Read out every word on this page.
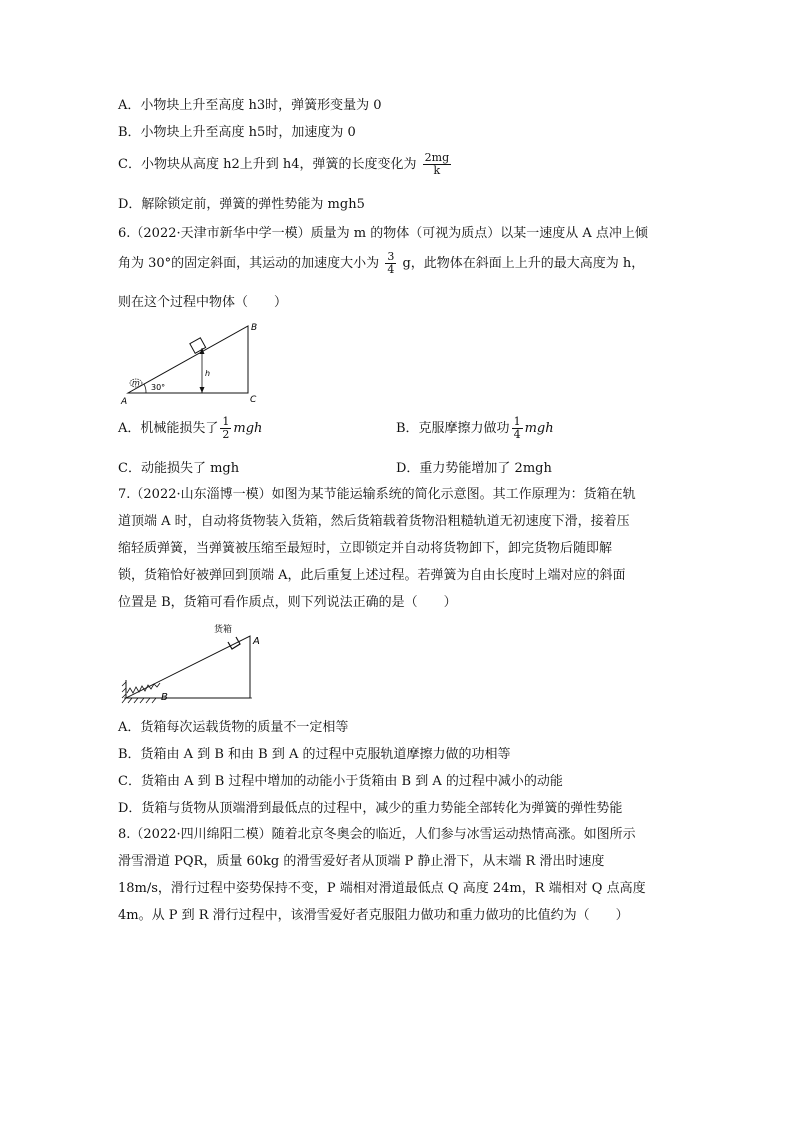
A．小物块上升至高度 h3时，弹簧形变量为 0
B．小物块上升至高度 h5时，加速度为 0
C．小物块从高度 h2上升到 h4，弹簧的长度变化为 $\frac{2mg}{k}$
D．解除锁定前，弹簧的弹性势能为 mgh5
6.（2022·天津市新华中学一模）质量为 m 的物体（可视为质点）以某一速度从 A 点冲上倾
角为 30°的固定斜面，其运动的加速度大小为 $\frac{3}{4}$ g，此物体在斜面上上升的最大高度为 h，
则在这个过程中物体（　　）
m 30°
h
A
B
C
A．机械能损失了 $\frac{1}{2}$ mgh	B．克服摩擦力做功 $\frac{1}{4}$ mgh
C．动能损失了 mgh	D．重力势能增加了 2mgh
7.（2022·山东淄博一模）如图为某节能运输系统的简化示意图。其工作原理为：货箱在轨
道顶端 A 时，自动将货物装入货箱，然后货箱载着货物沿粗糙轨道无初速度下滑，接着压
缩轻质弹簧，当弹簧被压缩至最短时，立即锁定并自动将货物卸下，卸完货物后随即解
锁，货箱恰好被弹回到顶端 A，此后重复上述过程。若弹簧为自由长度时上端对应的斜面
位置是 B，货箱可看作质点，则下列说法正确的是（　　）
货箱
A
B
A．货箱每次运载货物的质量不一定相等
B．货箱由 A 到 B 和由 B 到 A 的过程中克服轨道摩擦力做的功相等
C．货箱由 A 到 B 过程中增加的动能小于货箱由 B 到 A 的过程中减小的动能
D．货箱与货物从顶端滑到最低点的过程中，减少的重力势能全部转化为弹簧的弹性势能
8.（2022·四川绵阳二模）随着北京冬奥会的临近，人们参与冰雪运动热情高涨。如图所示
滑雪滑道 PQR，质量 60kg 的滑雪爱好者从顶端 P 静止滑下，从末端 R 滑出时速度
18m/s，滑行过程中姿势保持不变，P 端相对滑道最低点 Q 高度 24m，R 端相对 Q 点高度
4m。从 P 到 R 滑行过程中，该滑雪爱好者克服阻力做功和重力做功的比值约为（　　）
